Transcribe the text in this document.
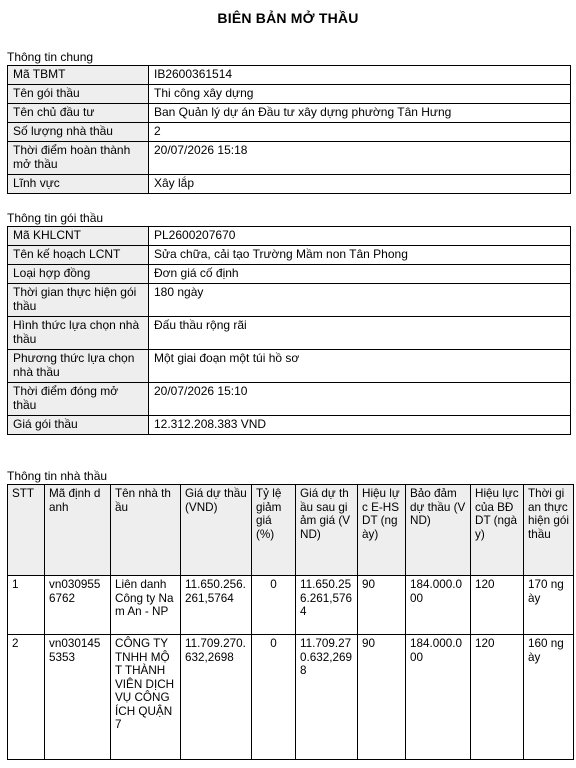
BIÊN BẢN MỞ THẦU
Thông tin chung
Mã TBMT	IB2600361514
Tên gói thầu	Thi công xây dựng
Tên chủ đầu tư	Ban Quản lý dự án Đầu tư xây dựng phường Tân Hưng
Số lượng nhà thầu	2
Thời điểm hoàn thành mở thầu	20/07/2026 15:18
Lĩnh vực	Xây lắp
Thông tin gói thầu
Mã KHLCNT	PL2600207670
Tên kế hoạch LCNT	Sửa chữa, cải tạo Trường Mầm non Tân Phong
Loại hợp đồng	Đơn giá cố định
Thời gian thực hiện gói thầu	180 ngày
Hình thức lựa chọn nhà thầu	Đấu thầu rộng rãi
Phương thức lựa chọn nhà thầu	Một giai đoạn một túi hồ sơ
Thời điểm đóng mở thầu	20/07/2026 15:10
Giá gói thầu	12.312.208.383 VND
Thông tin nhà thầu
STT	Mã định danh	Tên nhà thầu	Giá dự thầu (VND)	Tỷ lệ giảm giá (%)	Giá dự thầu sau giảm giá (VND)	Hiệu lực E-HSDT (ngày)	Bảo đảm dự thầu (VND)	Hiệu lực của BĐ DT (ngày)	Thời gian thực hiện gói thầu
1	vn0309556762	Liên danh Công ty Nam An - NP	11.650.256.261,5764	0	11.650.256.261,5764	90	184.000.000	120	170 ngày
2	vn0301455353	CÔNG TY TNHH MỘT THÀNH VIÊN DỊCH VỤ CÔNG ÍCH QUẬN 7	11.709.270.632,2698	0	11.709.270.632,2698	90	184.000.000	120	160 ngày
